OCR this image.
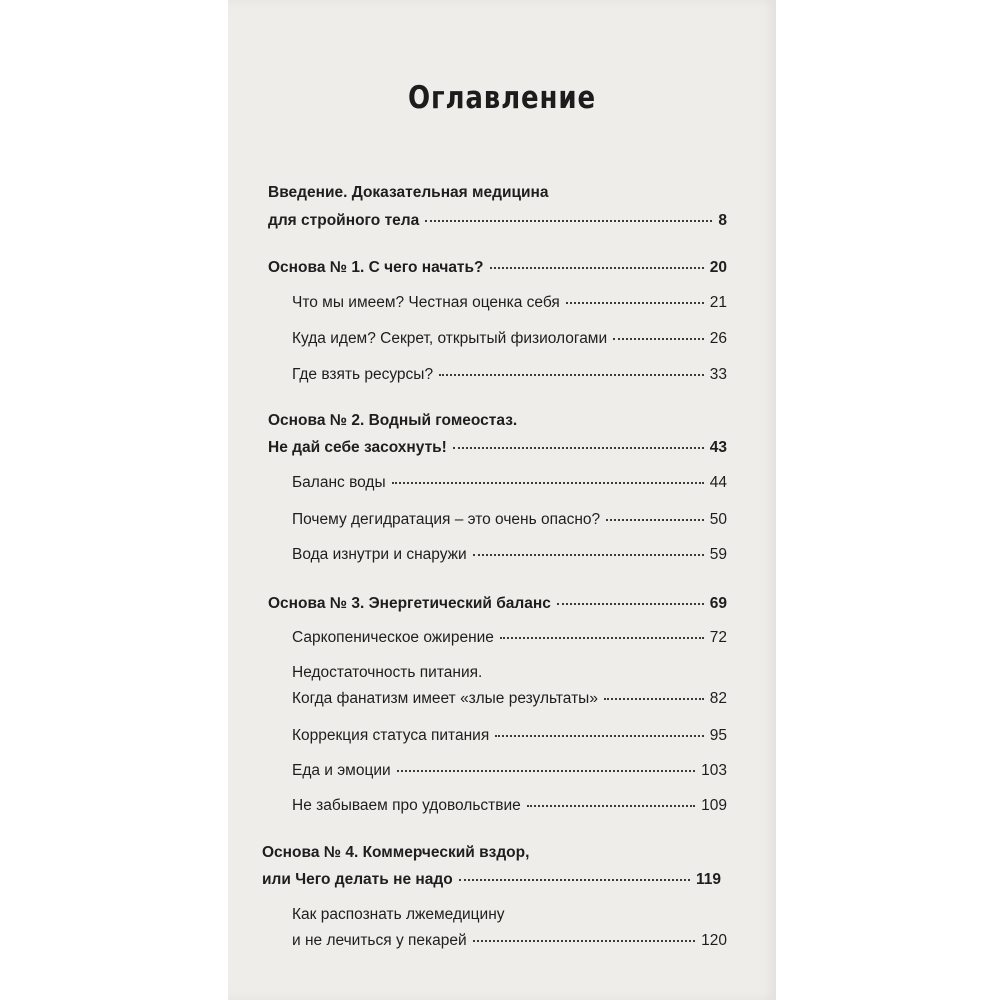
Оглавление
Введение. Доказательная медицина
для стройного тела	8
Основа № 1. С чего начать?	20
Что мы имеем? Честная оценка себя	21
Куда идем? Секрет, открытый физиологами	26
Где взять ресурсы?	33
Основа № 2. Водный гомеостаз.
Не дай себе засохнуть!	43
Баланс воды	44
Почему дегидратация – это очень опасно?	50
Вода изнутри и снаружи	59
Основа № 3. Энергетический баланс	69
Саркопеническое ожирение	72
Недостаточность питания.
Когда фанатизм имеет «злые результаты»	82
Коррекция статуса питания	95
Еда и эмоции	103
Не забываем про удовольствие	109
Основа № 4. Коммерческий вздор,
или Чего делать не надо	119
Как распознать лжемедицину
и не лечиться у пекарей	120
